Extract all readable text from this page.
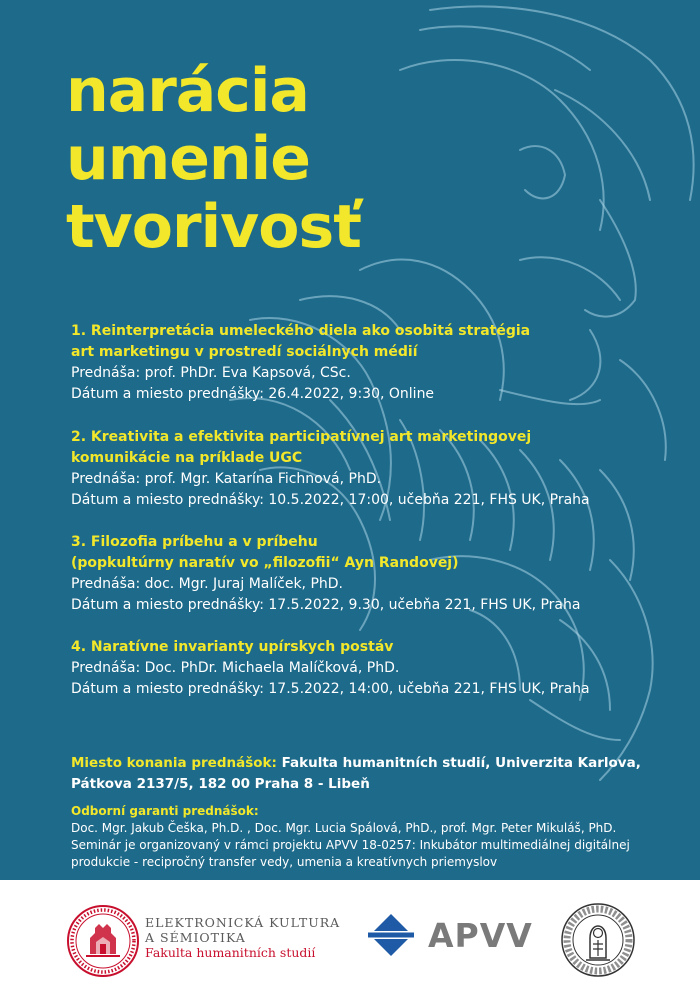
narácia
umenie
tvorivosť
1. Reinterpretácia umeleckého diela ako osobitá stratégia
art marketingu v prostredí sociálnych médií
Prednáša: prof. PhDr. Eva Kapsová, CSc.
Dátum a miesto prednášky: 26.4.2022, 9:30, Online
2. Kreativita a efektivita participatívnej art marketingovej
komunikácie na príklade UGC
Prednáša: prof. Mgr. Katarína Fichnová, PhD.
Dátum a miesto prednášky: 10.5.2022, 17:00, učebňa 221, FHS UK, Praha
3. Filozofia príbehu a v príbehu
(popkultúrny naratív vo „filozofii“ Ayn Randovej)
Prednáša: doc. Mgr. Juraj Malíček, PhD.
Dátum a miesto prednášky: 17.5.2022, 9.30, učebňa 221, FHS UK, Praha
4. Naratívne invarianty upírskych postáv
Prednáša: Doc. PhDr. Michaela Malíčková, PhD.
Dátum a miesto prednášky: 17.5.2022, 14:00, učebňa 221, FHS UK, Praha
Miesto konania prednášok: Fakulta humanitních studií, Univerzita Karlova,
Pátkova 2137/5, 182 00 Praha 8 - Libeň
Odborní garanti prednášok:
Doc. Mgr. Jakub Češka, Ph.D. , Doc. Mgr. Lucia Spálová, PhD., prof. Mgr. Peter Mikuláš, PhD.
Seminár je organizovaný v rámci projektu APVV 18-0257: Inkubátor multimediálnej digitálnej
produkcie - recipročný transfer vedy, umenia a kreatívnych priemyslov
ELEKTRONICKÁ KULTURA
A SÉMIOTIKA
Fakulta humanitních studií	APVV
